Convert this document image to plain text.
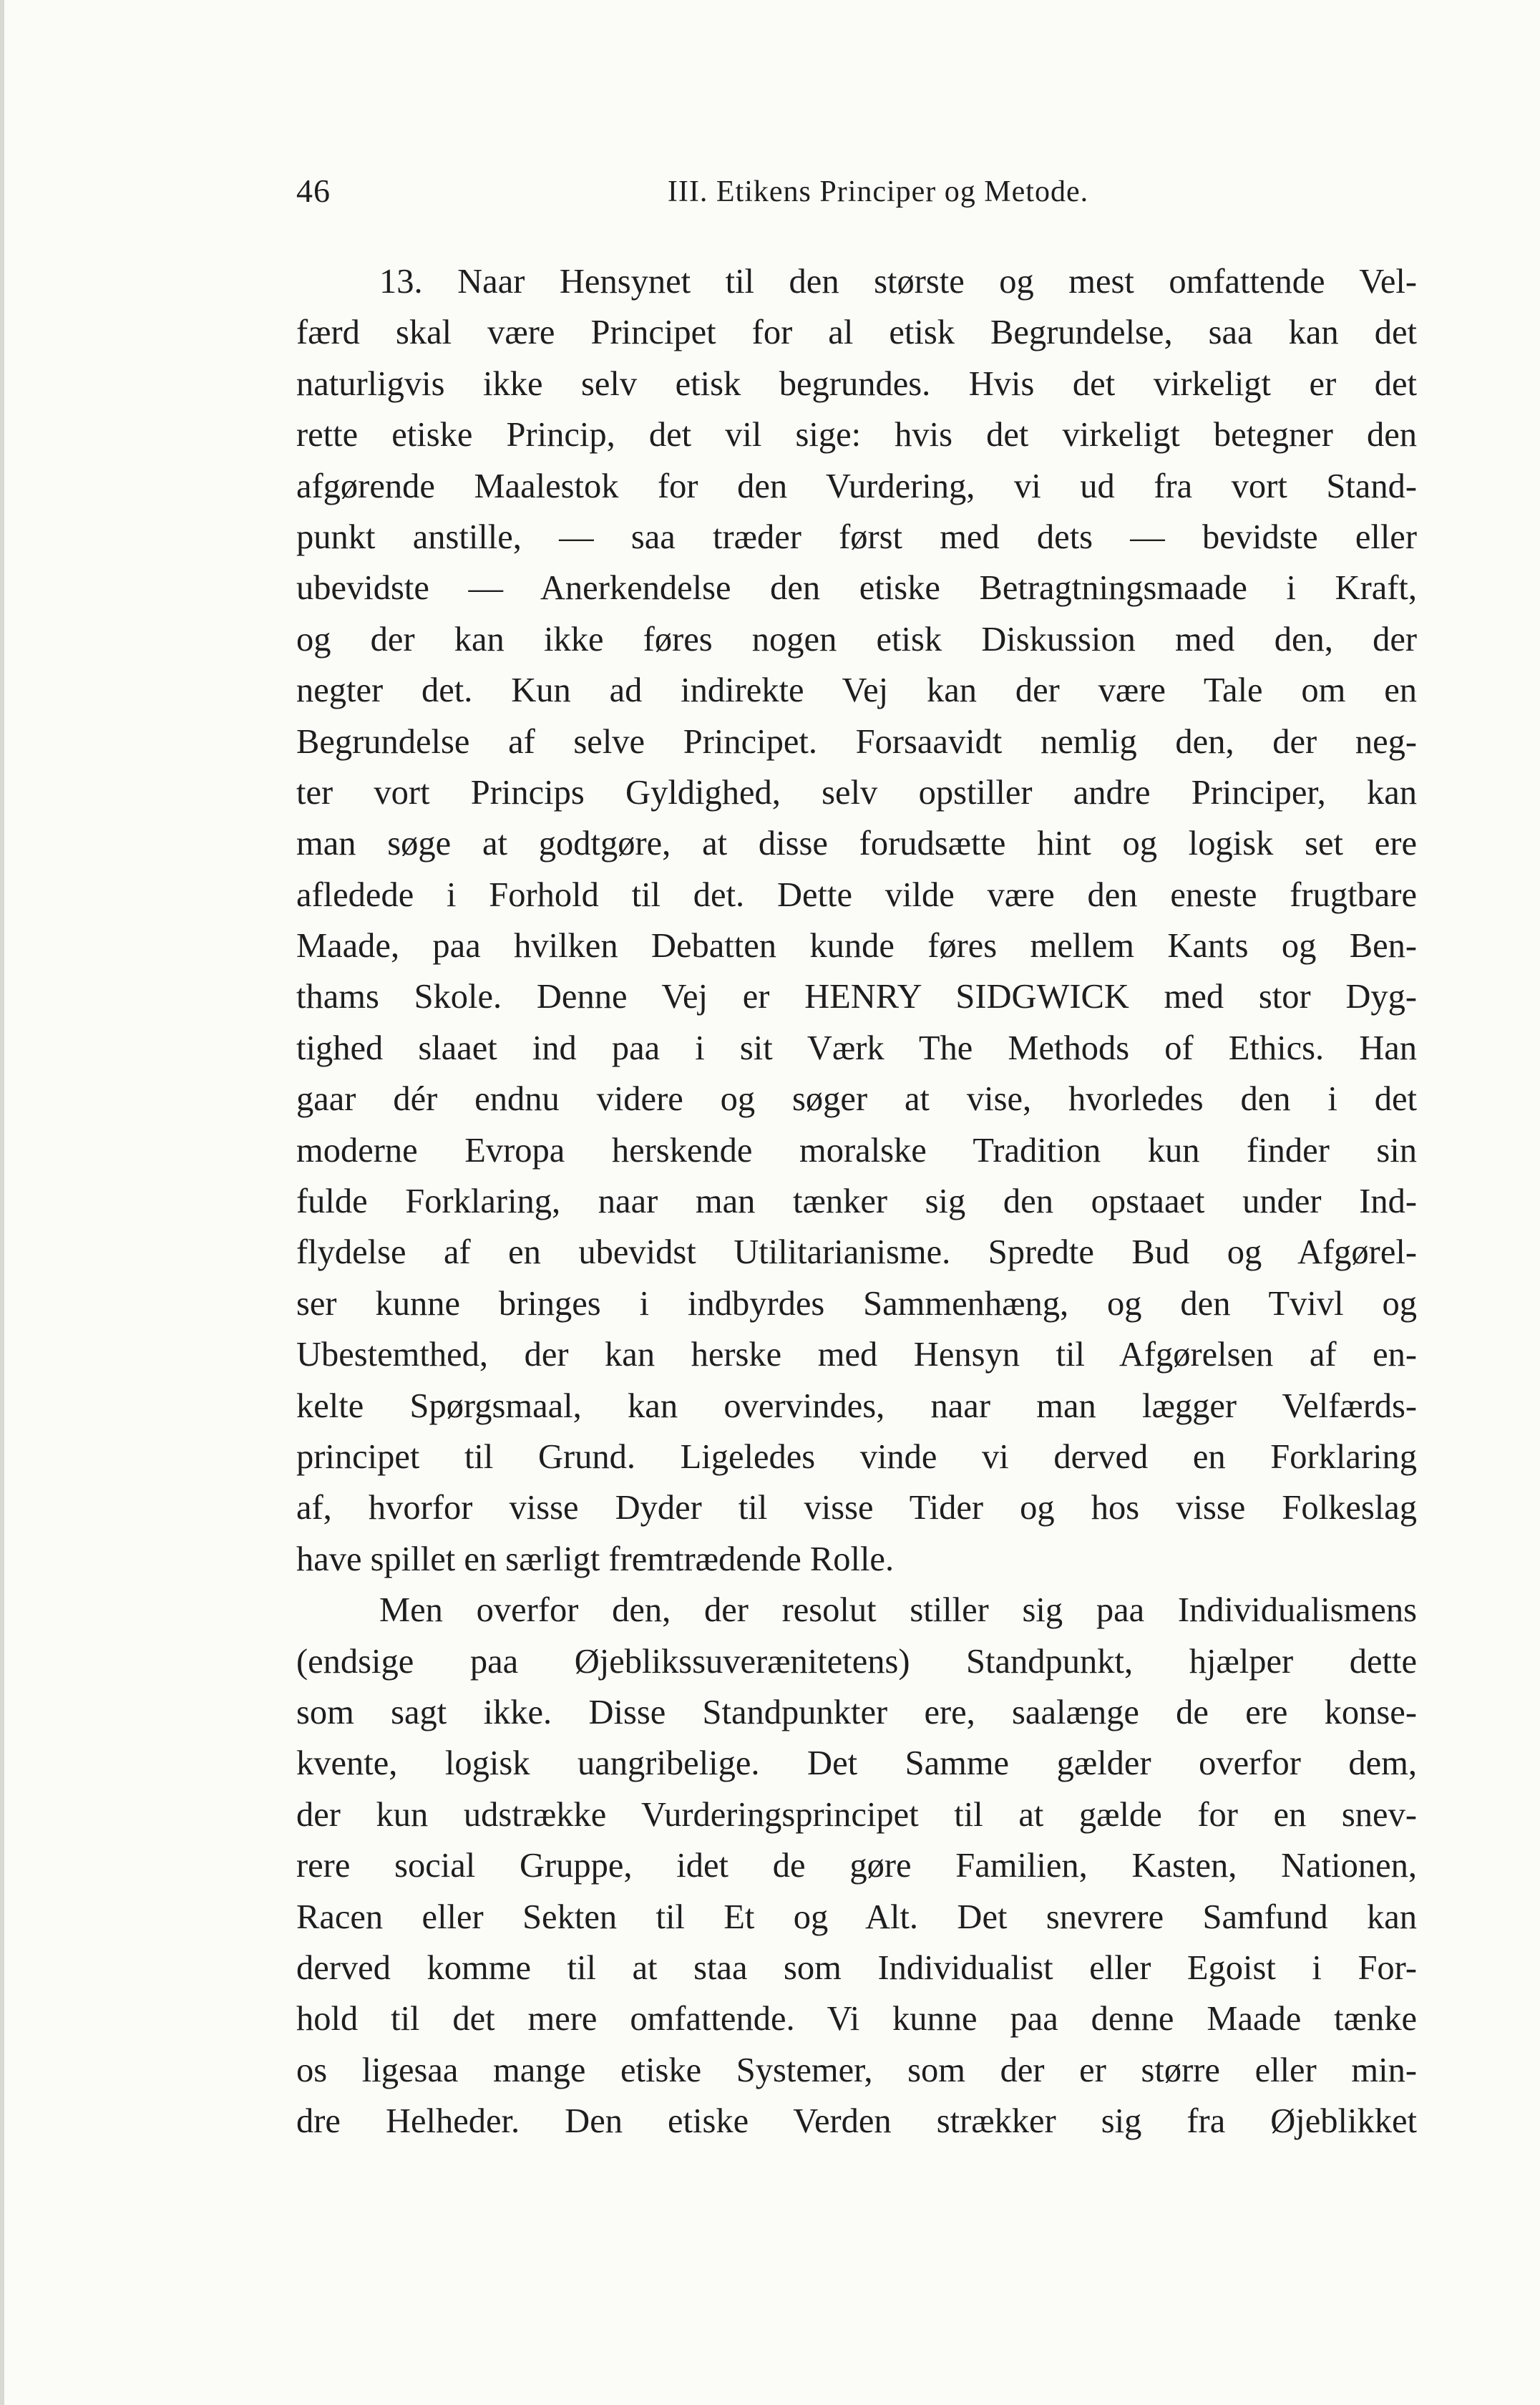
46	III. Etikens Principer og Metode.
13. Naar Hensynet til den største og mest omfattende Vel-
færd skal være Principet for al etisk Begrundelse, saa kan det
naturligvis ikke selv etisk begrundes. Hvis det virkeligt er det
rette etiske Princip, det vil sige: hvis det virkeligt betegner den
afgørende Maalestok for den Vurdering, vi ud fra vort Stand-
punkt anstille, — saa træder først med dets — bevidste eller
ubevidste — Anerkendelse den etiske Betragtningsmaade i Kraft,
og der kan ikke føres nogen etisk Diskussion med den, der
negter det. Kun ad indirekte Vej kan der være Tale om en
Begrundelse af selve Principet. Forsaavidt nemlig den, der neg-
ter vort Princips Gyldighed, selv opstiller andre Principer, kan
man søge at godtgøre, at disse forudsætte hint og logisk set ere
afledede i Forhold til det. Dette vilde være den eneste frugtbare
Maade, paa hvilken Debatten kunde føres mellem Kants og Ben-
thams Skole. Denne Vej er HENRY SIDGWICK med stor Dyg-
tighed slaaet ind paa i sit Værk The Methods of Ethics. Han
gaar dér endnu videre og søger at vise, hvorledes den i det
moderne Evropa herskende moralske Tradition kun finder sin
fulde Forklaring, naar man tænker sig den opstaaet under Ind-
flydelse af en ubevidst Utilitarianisme. Spredte Bud og Afgørel-
ser kunne bringes i indbyrdes Sammenhæng, og den Tvivl og
Ubestemthed, der kan herske med Hensyn til Afgørelsen af en-
kelte Spørgsmaal, kan overvindes, naar man lægger Velfærds-
principet til Grund. Ligeledes vinde vi derved en Forklaring
af, hvorfor visse Dyder til visse Tider og hos visse Folkeslag
have spillet en særligt fremtrædende Rolle.
Men overfor den, der resolut stiller sig paa Individualismens
(endsige paa Øjeblikssuverænitetens) Standpunkt, hjælper dette
som sagt ikke. Disse Standpunkter ere, saalænge de ere konse-
kvente, logisk uangribelige. Det Samme gælder overfor dem,
der kun udstrække Vurderingsprincipet til at gælde for en snev-
rere social Gruppe, idet de gøre Familien, Kasten, Nationen,
Racen eller Sekten til Et og Alt. Det snevrere Samfund kan
derved komme til at staa som Individualist eller Egoist i For-
hold til det mere omfattende. Vi kunne paa denne Maade tænke
os ligesaa mange etiske Systemer, som der er større eller min-
dre Helheder. Den etiske Verden strækker sig fra Øjeblikket
